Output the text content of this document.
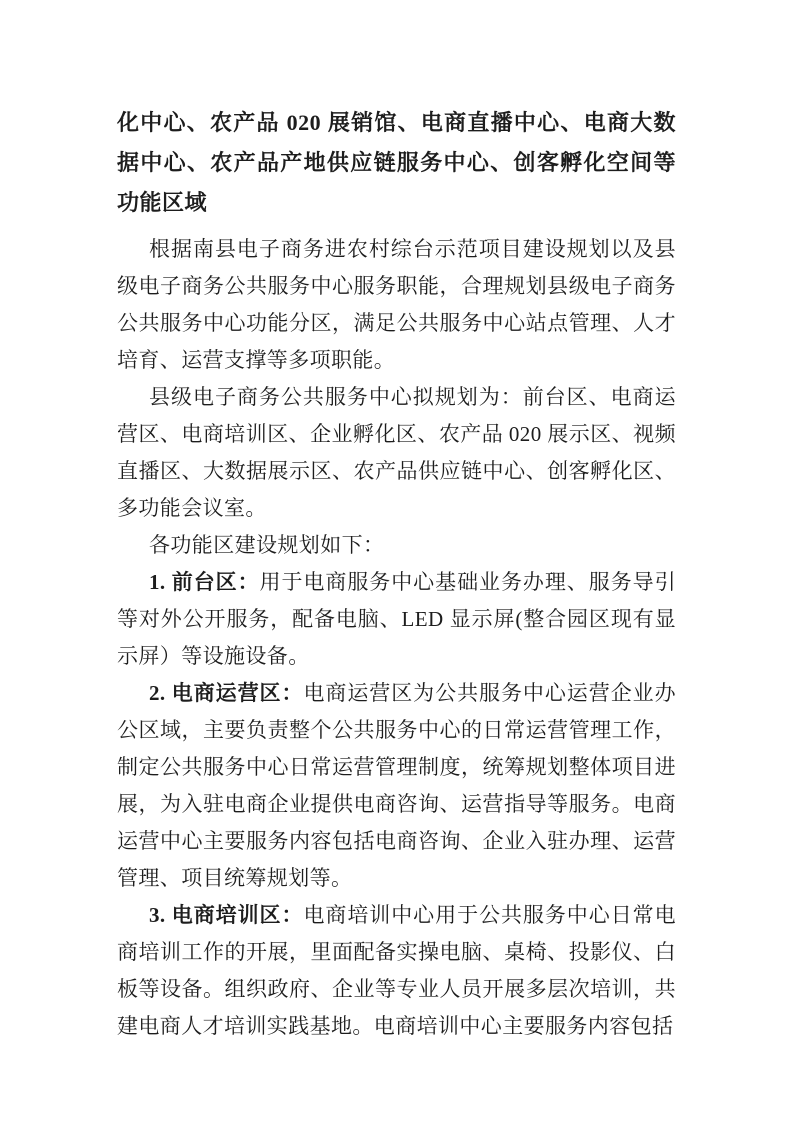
化中心、农产品 020 展销馆、电商直播中心、电商大数据中心、农产品产地供应链服务中心、创客孵化空间等功能区域

根据南县电子商务进农村综台示范项目建设规划以及县级电子商务公共服务中心服务职能，合理规划县级电子商务公共服务中心功能分区，满足公共服务中心站点管理、人才培育、运营支撑等多项职能。

县级电子商务公共服务中心拟规划为：前台区、电商运营区、电商培训区、企业孵化区、农产品 020 展示区、视频直播区、大数据展示区、农产品供应链中心、创客孵化区、多功能会议室。

各功能区建设规划如下：

1. 前台区：用于电商服务中心基础业务办理、服务导引等对外公开服务，配备电脑、LED 显示屏(整合园区现有显示屏）等设施设备。

2. 电商运营区：电商运营区为公共服务中心运营企业办公区域，主要负责整个公共服务中心的日常运营管理工作，制定公共服务中心日常运营管理制度，统筹规划整体项目进展，为入驻电商企业提供电商咨询、运营指导等服务。电商运营中心主要服务内容包括电商咨询、企业入驻办理、运营管理、项目统筹规划等。

3. 电商培训区：电商培训中心用于公共服务中心日常电商培训工作的开展，里面配备实操电脑、桌椅、投影仪、白板等设备。组织政府、企业等专业人员开展多层次培训，共建电商人才培训实践基地。电商培训中心主要服务内容包括
